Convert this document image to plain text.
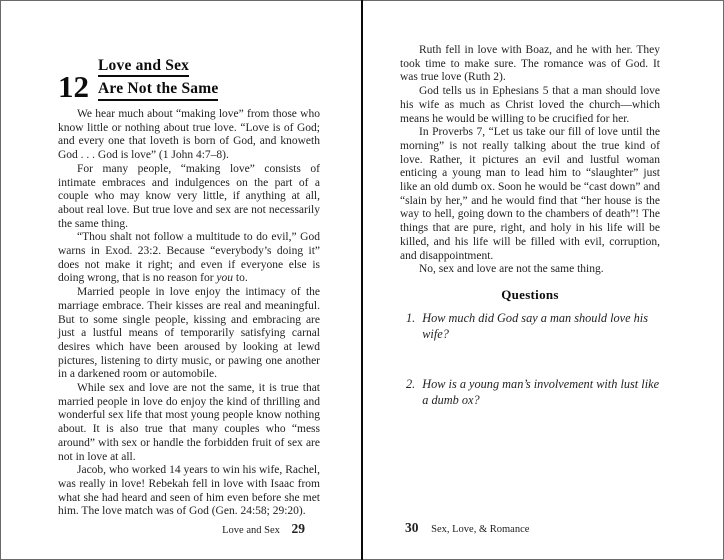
12
Love and Sex
Are Not the Same

We hear much about “making love” from those who know little or nothing about true love. “Love is of God; and every one that loveth is born of God, and knoweth God . . . God is love” (1 John 4:7–8).

For many people, “making love” consists of intimate embraces and indulgences on the part of a couple who may know very little, if anything at all, about real love. But true love and sex are not necessarily the same thing.

“Thou shalt not follow a multitude to do evil,” God warns in Exod. 23:2. Because “everybody’s doing it” does not make it right; and even if everyone else is doing wrong, that is no reason for you to.

Married people in love enjoy the intimacy of the marriage embrace. Their kisses are real and meaningful. But to some single people, kissing and embracing are just a lustful means of temporarily satisfying carnal desires which have been aroused by looking at lewd pictures, listening to dirty music, or pawing one another in a darkened room or automobile.

While sex and love are not the same, it is true that married people in love do enjoy the kind of thrilling and wonderful sex life that most young people know nothing about. It is also true that many couples who “mess around” with sex or handle the forbidden fruit of sex are not in love at all.

Jacob, who worked 14 years to win his wife, Rachel, was really in love! Rebekah fell in love with Isaac from what she had heard and seen of him even before she met him. The love match was of God (Gen. 24:58; 29:20).

Love and Sex 29

Ruth fell in love with Boaz, and he with her. They took time to make sure. The romance was of God. It was true love (Ruth 2).

God tells us in Ephesians 5 that a man should love his wife as much as Christ loved the church—which means he would be willing to be crucified for her.

In Proverbs 7, “Let us take our fill of love until the morning” is not really talking about the true kind of love. Rather, it pictures an evil and lustful woman enticing a young man to lead him to “slaughter” just like an old dumb ox. Soon he would be “cast down” and “slain by her,” and he would find that “her house is the way to hell, going down to the chambers of death”! The things that are pure, right, and holy in his life will be killed, and his life will be filled with evil, corruption, and disappointment.

No, sex and love are not the same thing.

Questions
1. How much did God say a man should love his wife?
2. How is a young man’s involvement with lust like a dumb ox?
30 Sex, Love, & Romance
